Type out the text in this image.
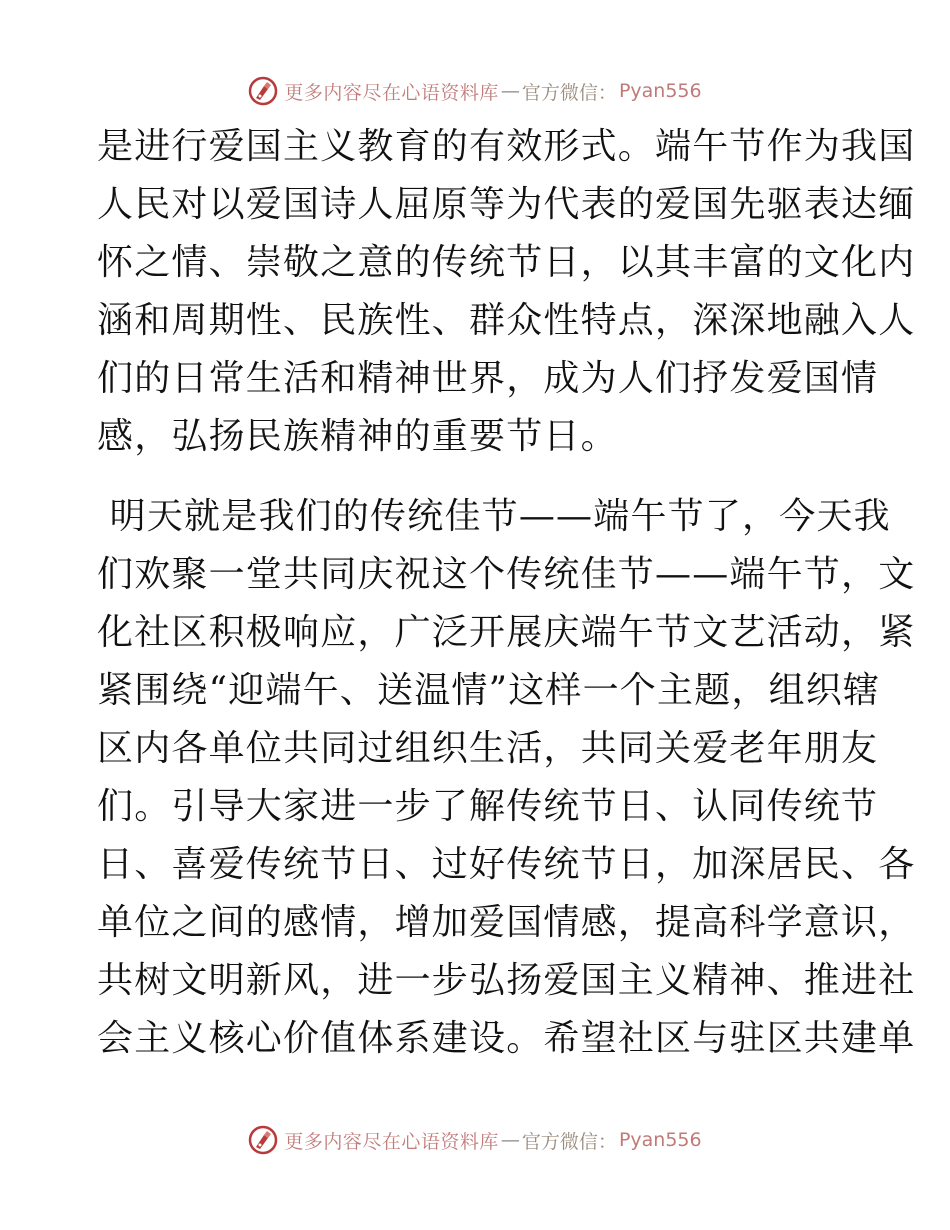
更多内容尽在心语资料库 — 官方微信： Pyan556
是进行爱国主义教育的有效形式。端午节作为我国
人民对以爱国诗人屈原等为代表的爱国先驱表达缅
怀之情、崇敬之意的传统节日，以其丰富的文化内
涵和周期性、民族性、群众性特点，深深地融入人
们的日常生活和精神世界，成为人们抒发爱国情
感，弘扬民族精神的重要节日。
明天就是我们的传统佳节——端午节了，今天我
们欢聚一堂共同庆祝这个传统佳节——端午节，文
化社区积极响应，广泛开展庆端午节文艺活动，紧
紧围绕“迎端午、送温情”这样一个主题，组织辖
区内各单位共同过组织生活，共同关爱老年朋友
们。引导大家进一步了解传统节日、认同传统节
日、喜爱传统节日、过好传统节日，加深居民、各
单位之间的感情，增加爱国情感，提高科学意识，
共树文明新风，进一步弘扬爱国主义精神、推进社
会主义核心价值体系建设。希望社区与驻区共建单
更多内容尽在心语资料库 — 官方微信： Pyan556
